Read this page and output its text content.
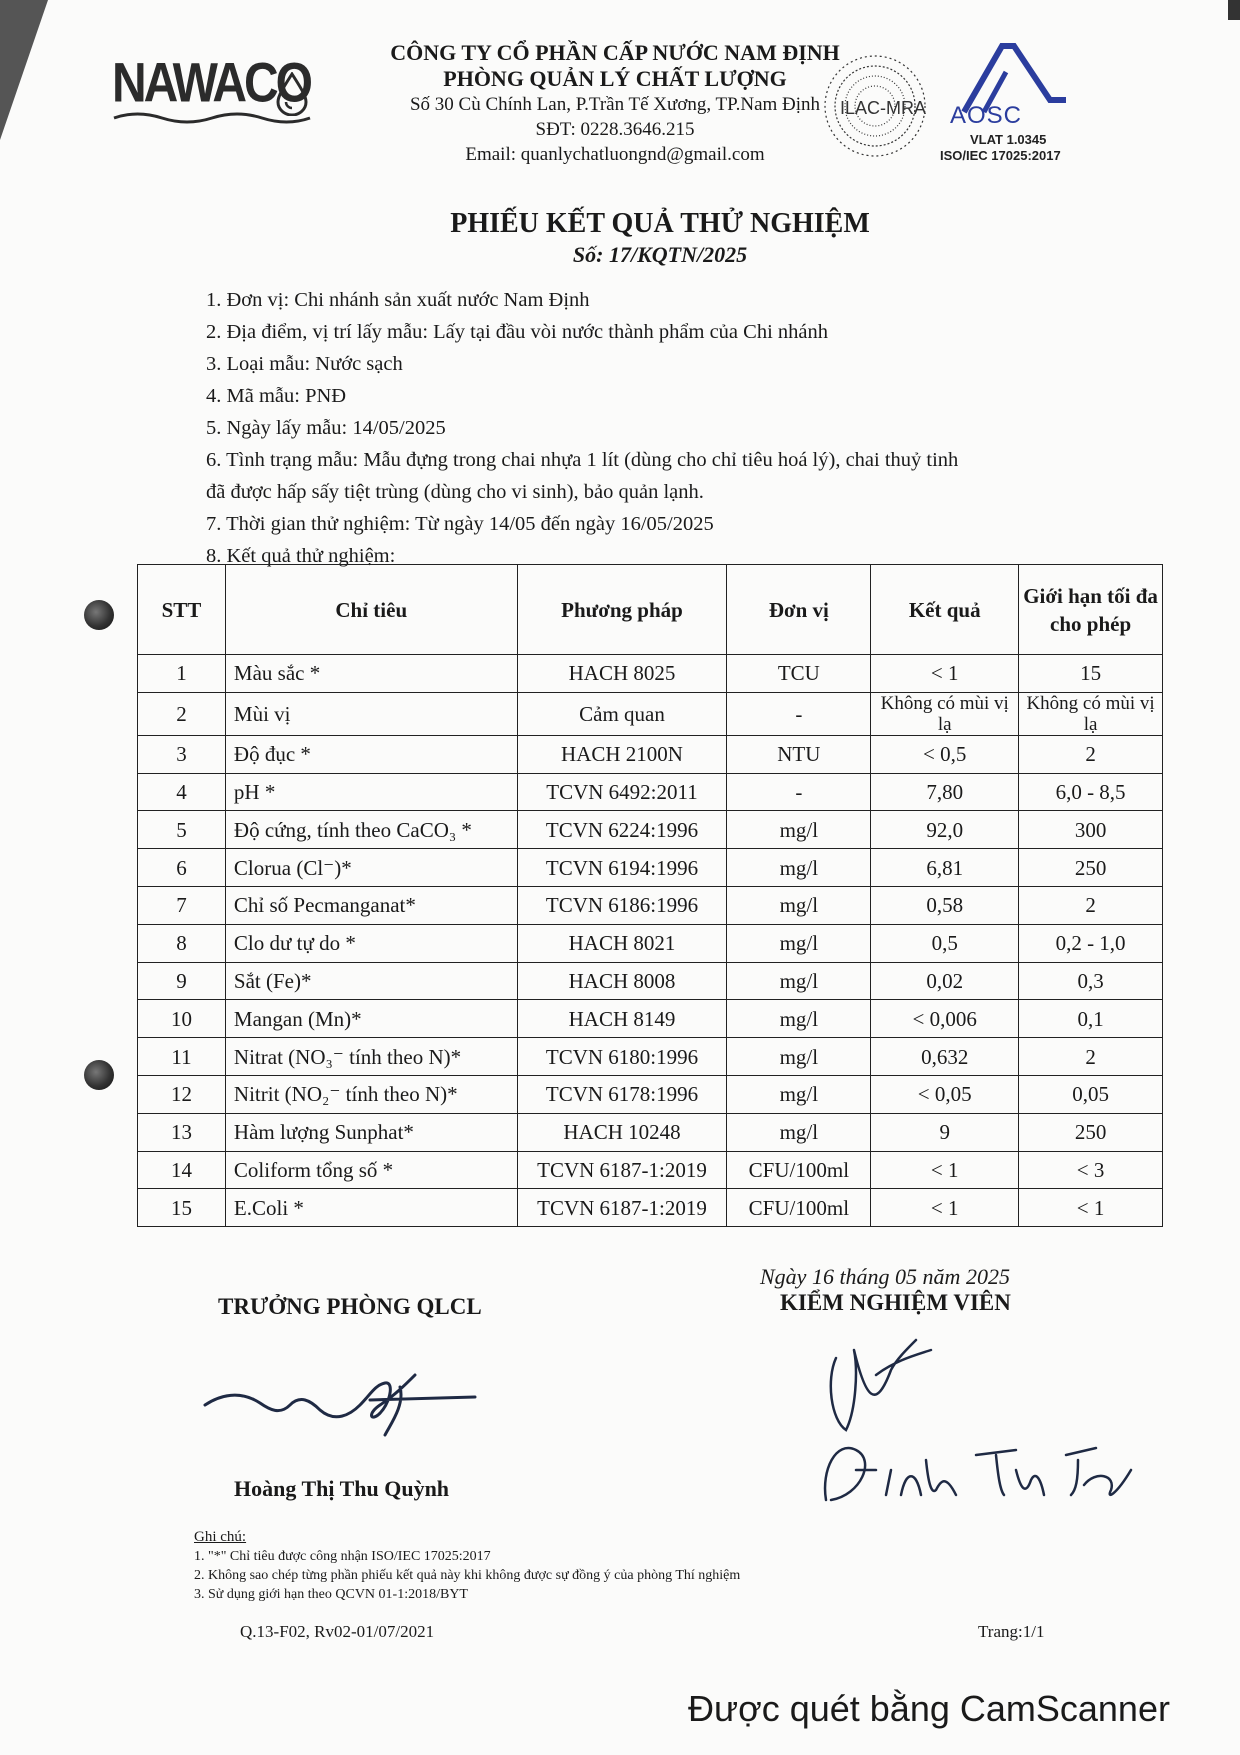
NAWACO
CÔNG TY CỔ PHẦN CẤP NƯỚC NAM ĐỊNH
PHÒNG QUẢN LÝ CHẤT LƯỢNG
Số 30 Cù Chính Lan, P.Trần Tế Xương, TP.Nam Định
SĐT: 0228.3646.215
Email: quanlychatluongnd@gmail.com
ILAC-MRA AOSC
VLAT 1.0345
ISO/IEC 17025:2017
PHIẾU KẾT QUẢ THỬ NGHIỆM
Số: 17/KQTN/2025
1. Đơn vị: Chi nhánh sản xuất nước Nam Định
2. Địa điểm, vị trí lấy mẫu: Lấy tại đầu vòi nước thành phẩm của Chi nhánh
3. Loại mẫu: Nước sạch
4. Mã mẫu: PNĐ
5. Ngày lấy mẫu: 14/05/2025
6. Tình trạng mẫu: Mẫu đựng trong chai nhựa 1 lít (dùng cho chỉ tiêu hoá lý), chai thuỷ tinh
đã được hấp sấy tiệt trùng (dùng cho vi sinh), bảo quản lạnh.
7. Thời gian thử nghiệm: Từ ngày 14/05 đến ngày 16/05/2025
8. Kết quả thử nghiệm:
STT	Chỉ tiêu	Phương pháp	Đơn vị	Kết quả	Giới hạn tối đa cho phép
1	Màu sắc *	HACH 8025	TCU	< 1	15
2	Mùi vị	Cảm quan	-	Không có mùi vị lạ	Không có mùi vị lạ
3	Độ đục *	HACH 2100N	NTU	< 0,5	2
4	pH *	TCVN 6492:2011	-	7,80	6,0 - 8,5
5	Độ cứng, tính theo CaCO₃ *	TCVN 6224:1996	mg/l	92,0	300
6	Clorua (Cl⁻)*	TCVN 6194:1996	mg/l	6,81	250
7	Chỉ số Pecmanganat*	TCVN 6186:1996	mg/l	0,58	2
8	Clo dư tự do *	HACH 8021	mg/l	0,5	0,2 - 1,0
9	Sắt (Fe)*	HACH 8008	mg/l	0,02	0,3
10	Mangan (Mn)*	HACH 8149	mg/l	< 0,006	0,1
11	Nitrat (NO₃⁻ tính theo N)*	TCVN 6180:1996	mg/l	0,632	2
12	Nitrit (NO₂⁻ tính theo N)*	TCVN 6178:1996	mg/l	< 0,05	0,05
13	Hàm lượng Sunphat*	HACH 10248	mg/l	9	250
14	Coliform tổng số *	TCVN 6187-1:2019	CFU/100ml	< 1	< 3
15	E.Coli *	TCVN 6187-1:2019	CFU/100ml	< 1	< 1
Ngày 16 tháng 05 năm 2025
TRƯỞNG PHÒNG QLCL	KIỂM NGHIỆM VIÊN
Hoàng Thị Thu Quỳnh
Ghi chú:
1. "*" Chỉ tiêu được công nhận ISO/IEC 17025:2017
2. Không sao chép từng phần phiếu kết quả này khi không được sự đồng ý của phòng Thí nghiệm
3. Sử dụng giới hạn theo QCVN 01-1:2018/BYT
Q.13-F02, Rv02-01/07/2021	Trang:1/1
Được quét bằng CamScanner
